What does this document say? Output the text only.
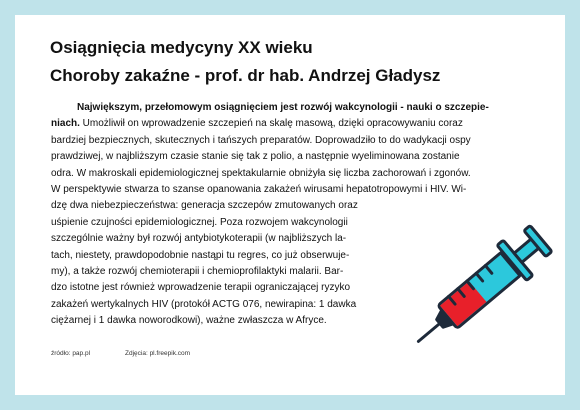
Osiągnięcia medycyny XX wieku
Choroby zakaźne - prof. dr hab. Andrzej Gładysz
Największym, przełomowym osiągnięciem jest rozwój wakcynologii - nauki o szczepie-
niach. Umożliwił on wprowadzenie szczepień na skalę masową, dzięki opracowywaniu coraz
bardziej bezpiecznych, skutecznych i tańszych preparatów. Doprowadziło to do wadykacji ospy
prawdziwej, w najbliższym czasie stanie się tak z polio, a następnie wyeliminowana zostanie
odra. W makroskali epidemiologicznej spektakularnie obniżyła się liczba zachorowań i zgonów.
W perspektywie stwarza to szanse opanowania zakażeń wirusami hepatotropowymi i HIV. Wi-
dzę dwa niebezpieczeństwa: generacja szczepów zmutowanych oraz
uśpienie czujności epidemiologicznej. Poza rozwojem wakcynologii
szczególnie ważny był rozwój antybiotykoterapii (w najbliższych la-
tach, niestety, prawdopodobnie nastąpi tu regres, co już obserwuje-
my), a także rozwój chemioterapii i chemioprofilaktyki malarii. Bar-
dzo istotne jest również wprowadzenie terapii ograniczającej ryzyko
zakażeń wertykalnych HIV (protokół ACTG 076, newirapina: 1 dawka
ciężarnej i 1 dawka noworodkowi), ważne zwłaszcza w Afryce.
źródło: pap.pl	Zdjęcia: pl.freepik.com
